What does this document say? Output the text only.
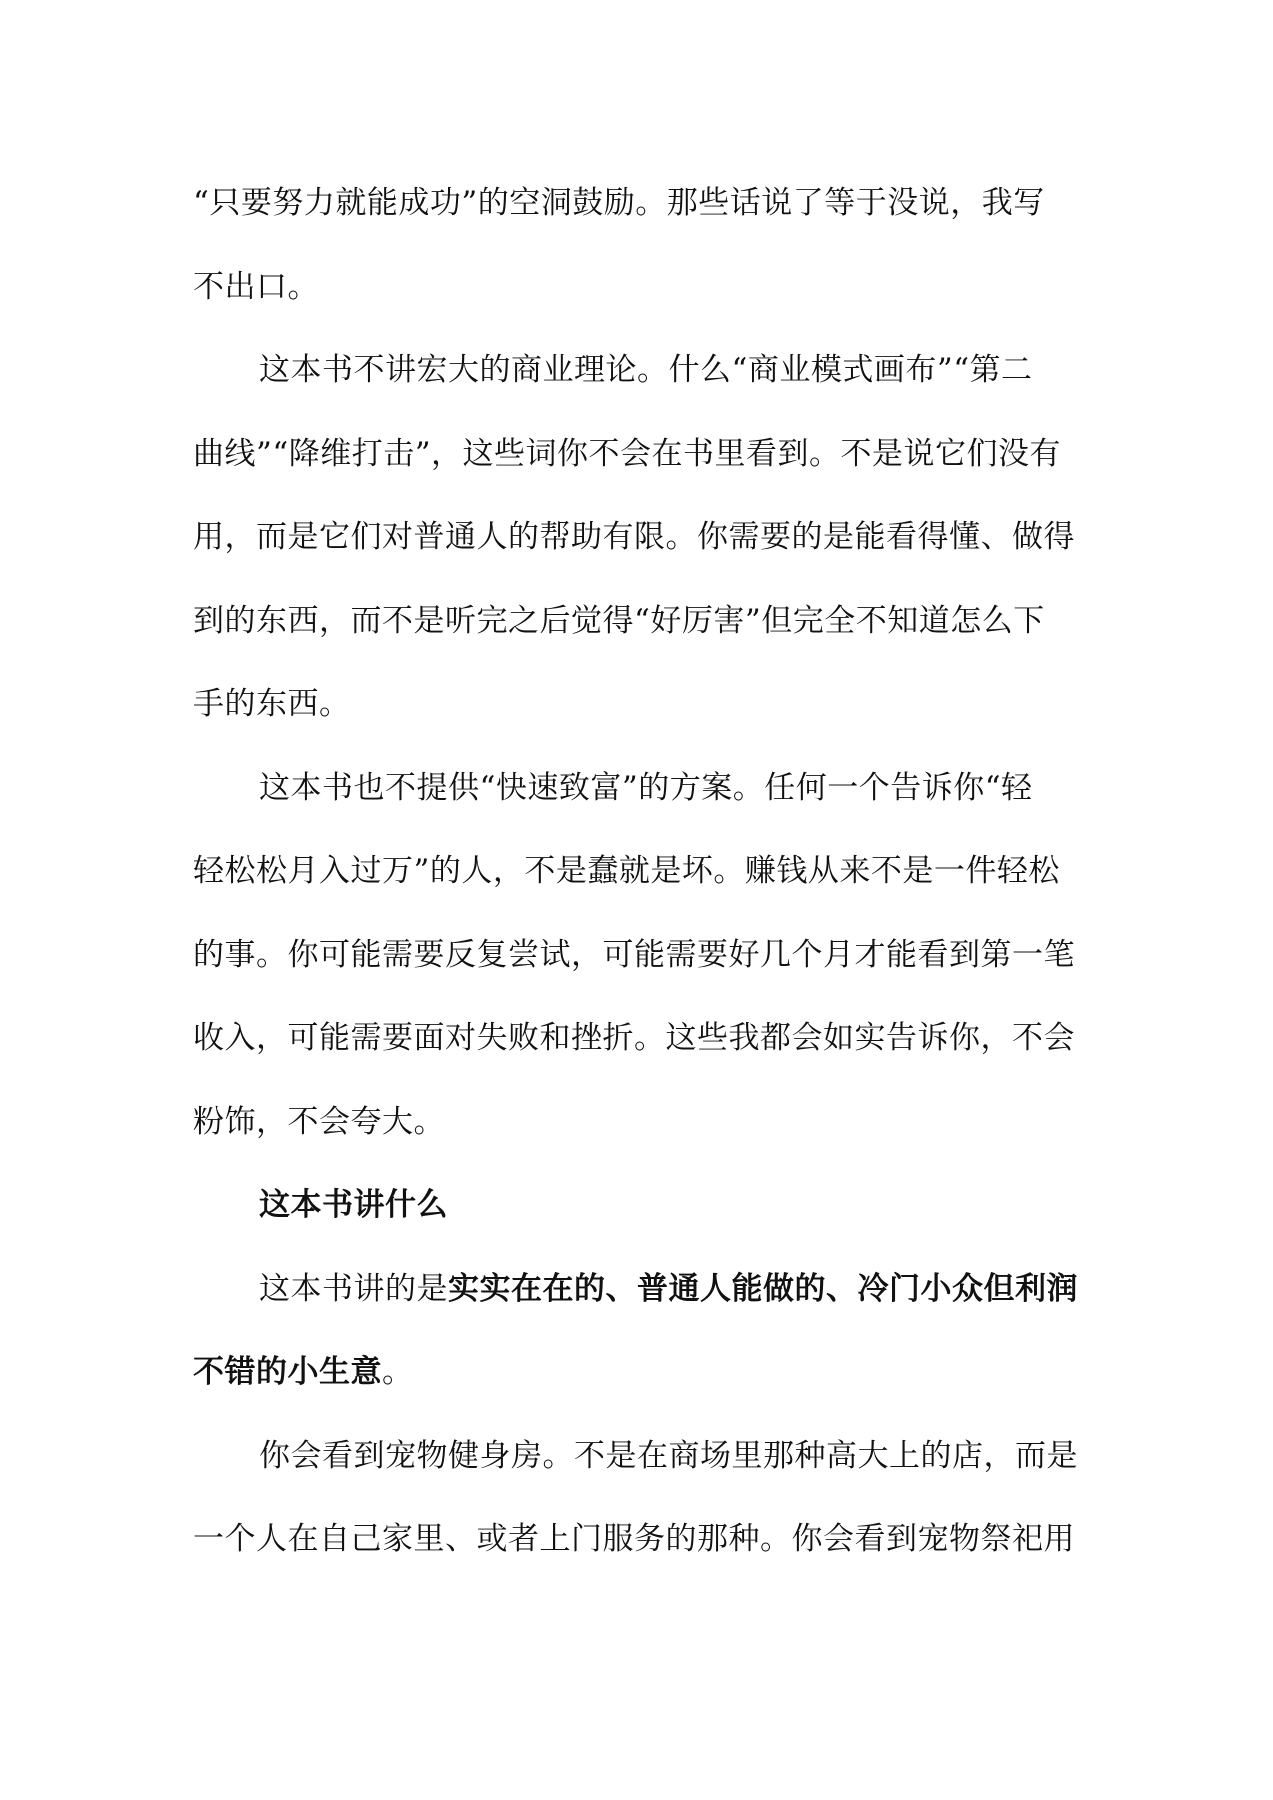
“只要努力就能成功”的空洞鼓励。那些话说了等于没说，我写
不出口。
这本书不讲宏大的商业理论。什么“商业模式画布”“第二
曲线”“降维打击”，这些词你不会在书里看到。不是说它们没有
用，而是它们对普通人的帮助有限。你需要的是能看得懂、做得
到的东西，而不是听完之后觉得“好厉害”但完全不知道怎么下
手的东西。
这本书也不提供“快速致富”的方案。任何一个告诉你“轻
轻松松月入过万”的人，不是蠢就是坏。赚钱从来不是一件轻松
的事。你可能需要反复尝试，可能需要好几个月才能看到第一笔
收入，可能需要面对失败和挫折。这些我都会如实告诉你，不会
粉饰，不会夸大。
这本书讲什么
这本书讲的是实实在在的、普通人能做的、冷门小众但利润
不错的小生意。
你会看到宠物健身房。不是在商场里那种高大上的店，而是
一个人在自己家里、或者上门服务的那种。你会看到宠物祭祀用
